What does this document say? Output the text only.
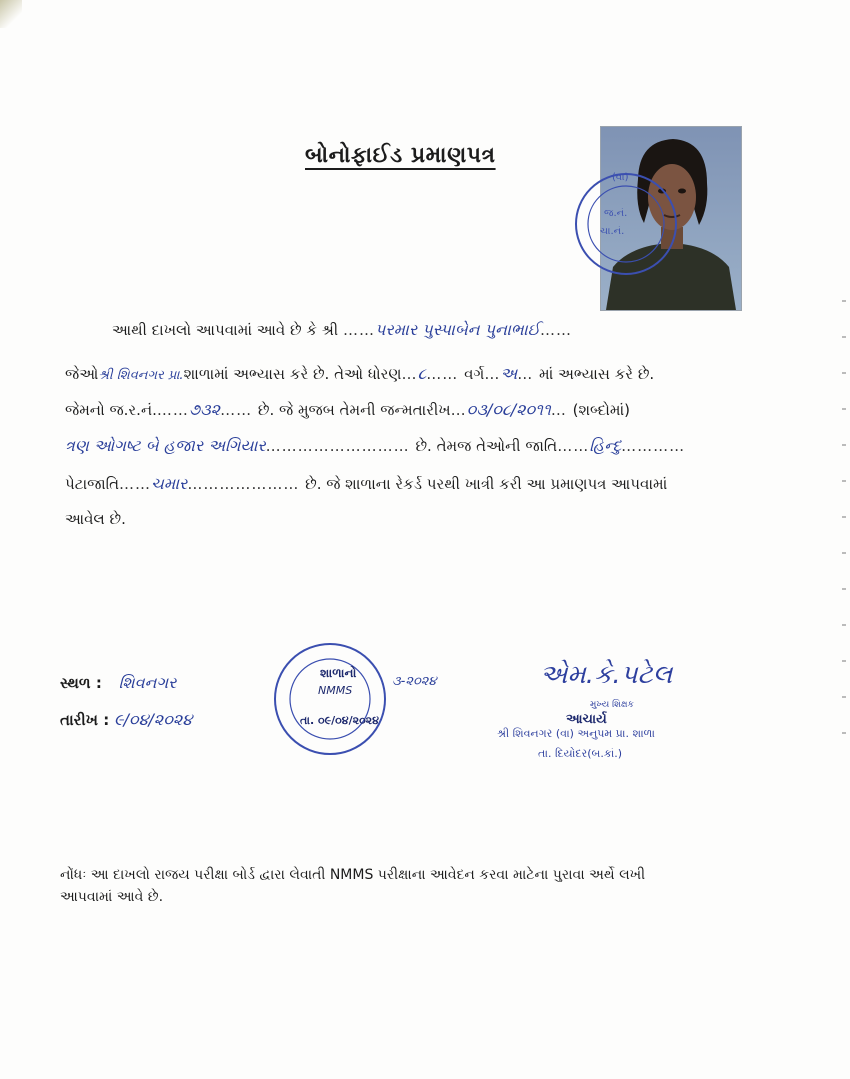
બોનોફાઈડ પ્રમાણપત્ર
(વા)
જ.નં.
ચા.નં.
આથી દાખલો આપવામાં આવે છે કે શ્રી ……પરમાર પુસ્પાબેન પુનાભાઈ……
જેઓશ્રી શિવનગર પ્રા.શાળામાં અભ્યાસ કરે છે. તેઓ ધોરણ…૮…… વર્ગ…અ… માં અભ્યાસ કરે છે.
જેમનો જ.ર.નં.……૭૩૨…… છે. જે મુજબ તેમની જન્મતારીખ…૦૩/૦૮/૨૦૧૧… (શબ્દોમાં)
ત્રણ ઓગષ્ટ બે હજાર અગિયાર……………………… છે. તેમજ તેઓની જાતિ……હિન્દુ…………
પેટાજાતિ……ચમાર………………… છે. જે શાળાના રેકર્ડ પરથી ખાત્રી કરી આ પ્રમાણપત્ર આપવામાં
આવેલ છે.
સ્થળ : શિવનગર
તારીખ : ૯/૦૪/૨૦૨૪
શાળાનો
NMMS
૩-૨૦૨૪
તા. ૦૯/૦૪/૨૦૨૪
એમ.કે.પટેલ
મુખ્ય શિક્ષક
આચાર્ય
શ્રી શિવનગર (વા) અનુપમ પ્રા. શાળા
તા. દિયોદર(બ.કાં.)
નોંધઃ આ દાખલો રાજય પરીક્ષા બોર્ડ દ્વારા લેવાતી NMMS પરીક્ષાના આવેદન કરવા માટેના પુરાવા અર્થે લખી
આપવામાં આવે છે.
